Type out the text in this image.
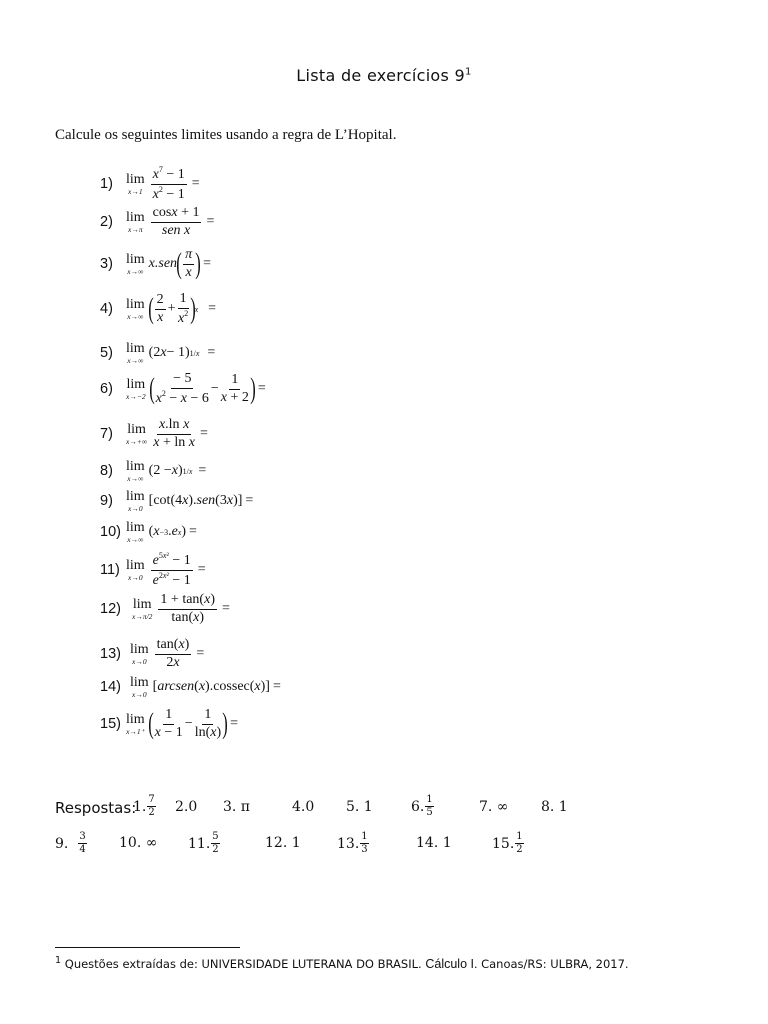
Lista de exercícios $9^1$
Calcule os seguintes limites usando a regra de L’Hopital.
1) lim
$x\to 1 \frac{x^7 - 1}{x^2 - 1}$ =
2) lim
$x\to\pi \frac{\cos x + 1}{\text{sen x}}$ =
3) lim
x→∞
x.sen ( $\frac{\pi}{x}$ ) =
4) lim
x→∞ ( $\frac{2}{x} + \frac{1}{x^2}$ ) x =
5) lim
x→∞
(2 x − 1) 1/x =
6) lim
x→−2 ( $\frac{- 5}{x^2 - x - 6} - \frac{1}{x + 2}$ ) =
7)	lim
$x\to+\infty \frac{\text{x.ln x}}{\text{x + ln x}}$ =
8) lim
x→∞
(2 − x ) 1/x =
9) lim
x→0
[cot(4 x ). sen (3 x )] =
10) lim
x→∞
( x −3 . e x ) =
11) lim
$x\to 0 \frac{e^{5x^2} - 1}{e^{2x^2} - 1}$ =
12) lim
$x\to\pi/2 \frac{1 + \tan(x)}{\tan(x)}$ =
13) lim
$x\to 0 \frac{\tan(x)}{2x}$ =
14) lim
x→0
[ arcsen ( x ).cossec( x )] =
15) lim
x→1⁺ ( $\frac{1}{x - 1} - \frac{1}{\ln(x)}$ ) =
Respostas:
1. 7
2 2.0 3. π	4.0 5. 1	6. 1
5	7. ∞ 8. 1
9. 3
4 10. ∞ 11. 5
2	12. 1	13. 1
3	14. 1	15. 1
2
$^1$ Questões extraídas de: UNIVERSIDADE LUTERANA DO BRASIL. Cálculo I. Canoas/RS: ULBRA, 2017.
